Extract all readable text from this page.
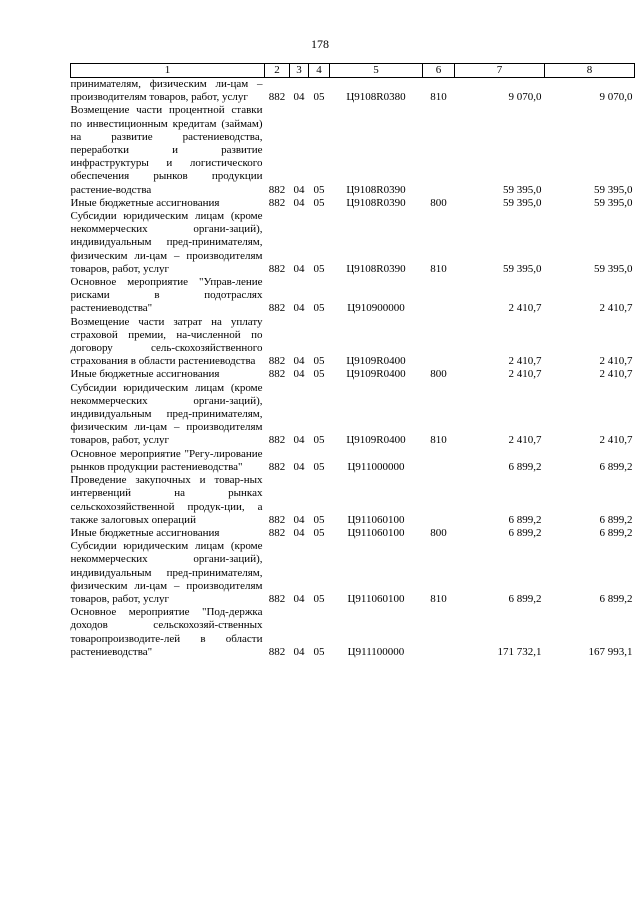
178
1	2	3	4	5	6	7	8
принимателям, физическим ли-цам – производителям товаров, работ, услуг	882	04	05	Ц9108R0380	810	9 070,0	9 070,0
Возмещение части процентной ставки по инвестиционным кредитам (займам) на развитие растениеводства, переработки и развитие инфраструктуры и логистического обеспечения рынков продукции растение-водства	882	04	05	Ц9108R0390		59 395,0	59 395,0
Иные бюджетные ассигнования	882	04	05	Ц9108R0390	800	59 395,0	59 395,0
Субсидии юридическим лицам (кроме некоммерческих органи-заций), индивидуальным пред-принимателям, физическим ли-цам – производителям товаров, работ, услуг	882	04	05	Ц9108R0390	810	59 395,0	59 395,0
Основное мероприятие "Управ-ление рисками в подотраслях растениеводства"	882	04	05	Ц910900000		2 410,7	2 410,7
Возмещение части затрат на уплату страховой премии, на-численной по договору сель-скохозяйственного страхования в области растениеводства	882	04	05	Ц9109R0400		2 410,7	2 410,7
Иные бюджетные ассигнования	882	04	05	Ц9109R0400	800	2 410,7	2 410,7
Субсидии юридическим лицам (кроме некоммерческих органи-заций), индивидуальным пред-принимателям, физическим ли-цам – производителям товаров, работ, услуг	882	04	05	Ц9109R0400	810	2 410,7	2 410,7
Основное мероприятие "Регу-лирование рынков продукции растениеводства"	882	04	05	Ц911000000		6 899,2	6 899,2
Проведение закупочных и товар-ных интервенций на рынках сельскохозяйственной продук-ции, а также залоговых операций	882	04	05	Ц911060100		6 899,2	6 899,2
Иные бюджетные ассигнования	882	04	05	Ц911060100	800	6 899,2	6 899,2
Субсидии юридическим лицам (кроме некоммерческих органи-заций), индивидуальным пред-принимателям, физическим ли-цам – производителям товаров, работ, услуг	882	04	05	Ц911060100	810	6 899,2	6 899,2
Основное мероприятие "Под-держка доходов сельскохозяй-ственных товаропроизводите-лей в области растениеводства"	882	04	05	Ц911100000		171 732,1	167 993,1
